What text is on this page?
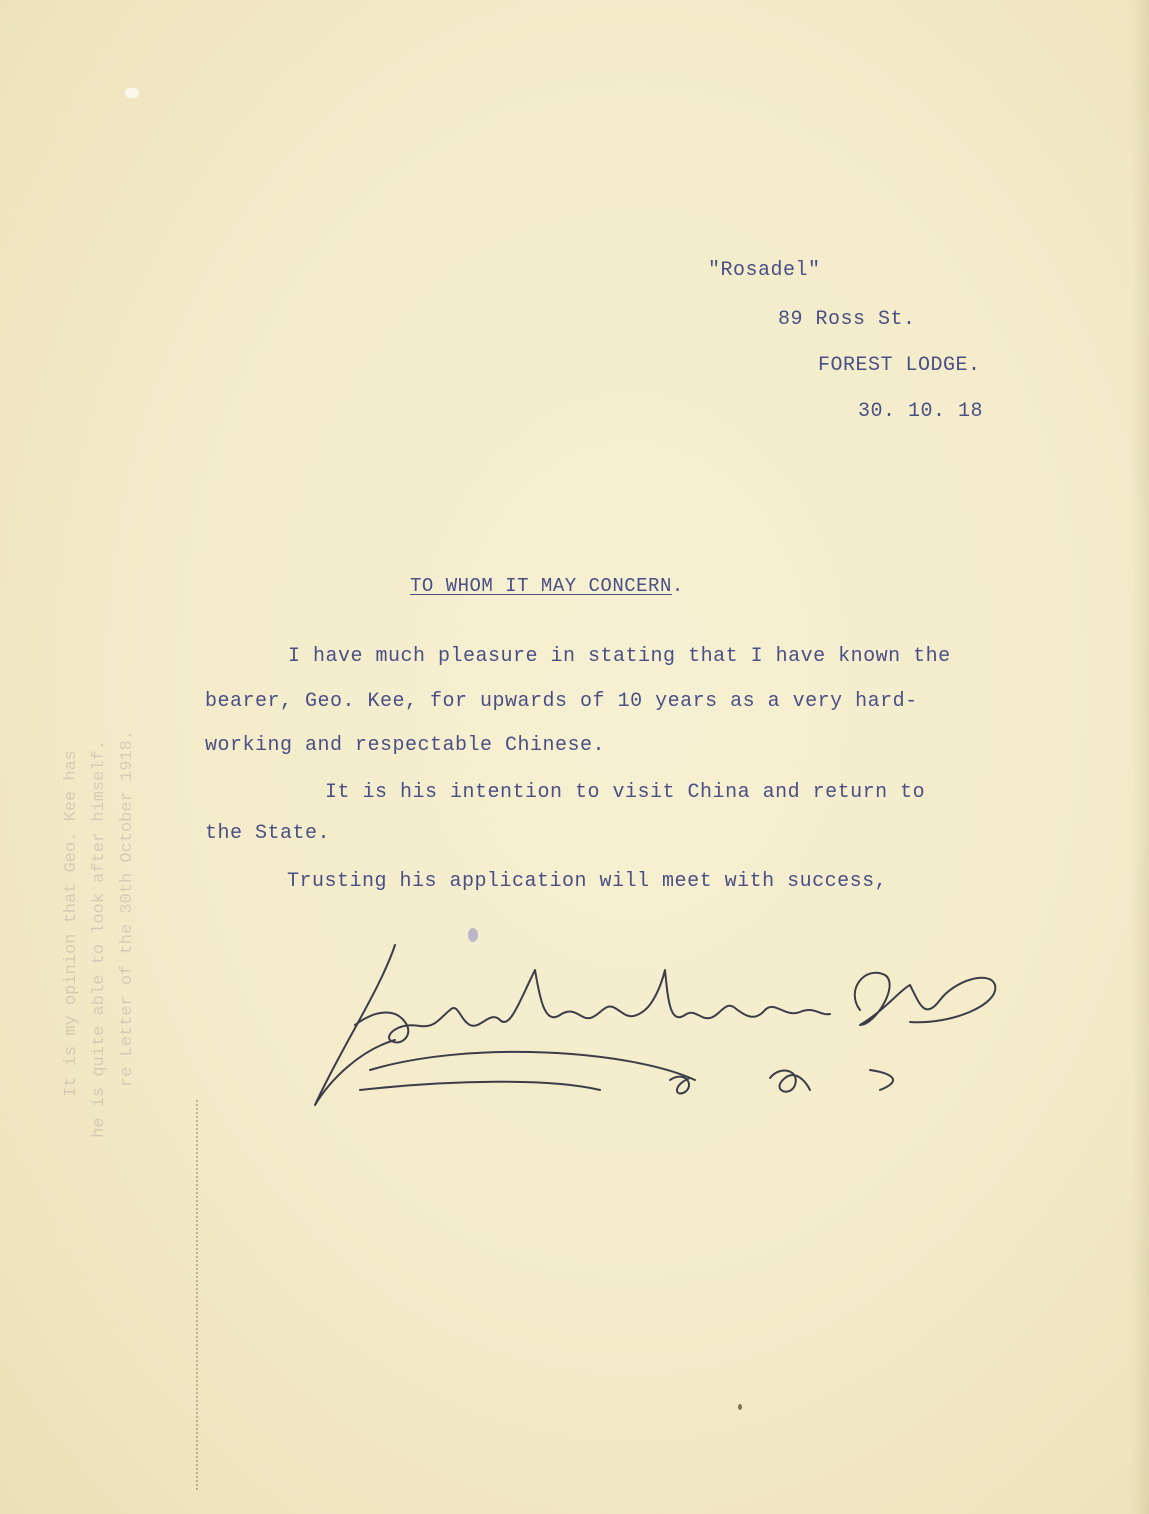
re Letter of the 30th October 1918.
he is quite able to look after himself.
It is my opinion that Geo. Kee has
"Rosadel"
89 Ross St.
FOREST LODGE.
30. 10. 18
TO WHOM IT MAY CONCERN.
I have much pleasure in stating that I have known the
bearer, Geo. Kee, for upwards of 10 years as a very hard-
working and respectable Chinese.
It is his intention to visit China and return to
the State.
Trusting his application will meet with success,
